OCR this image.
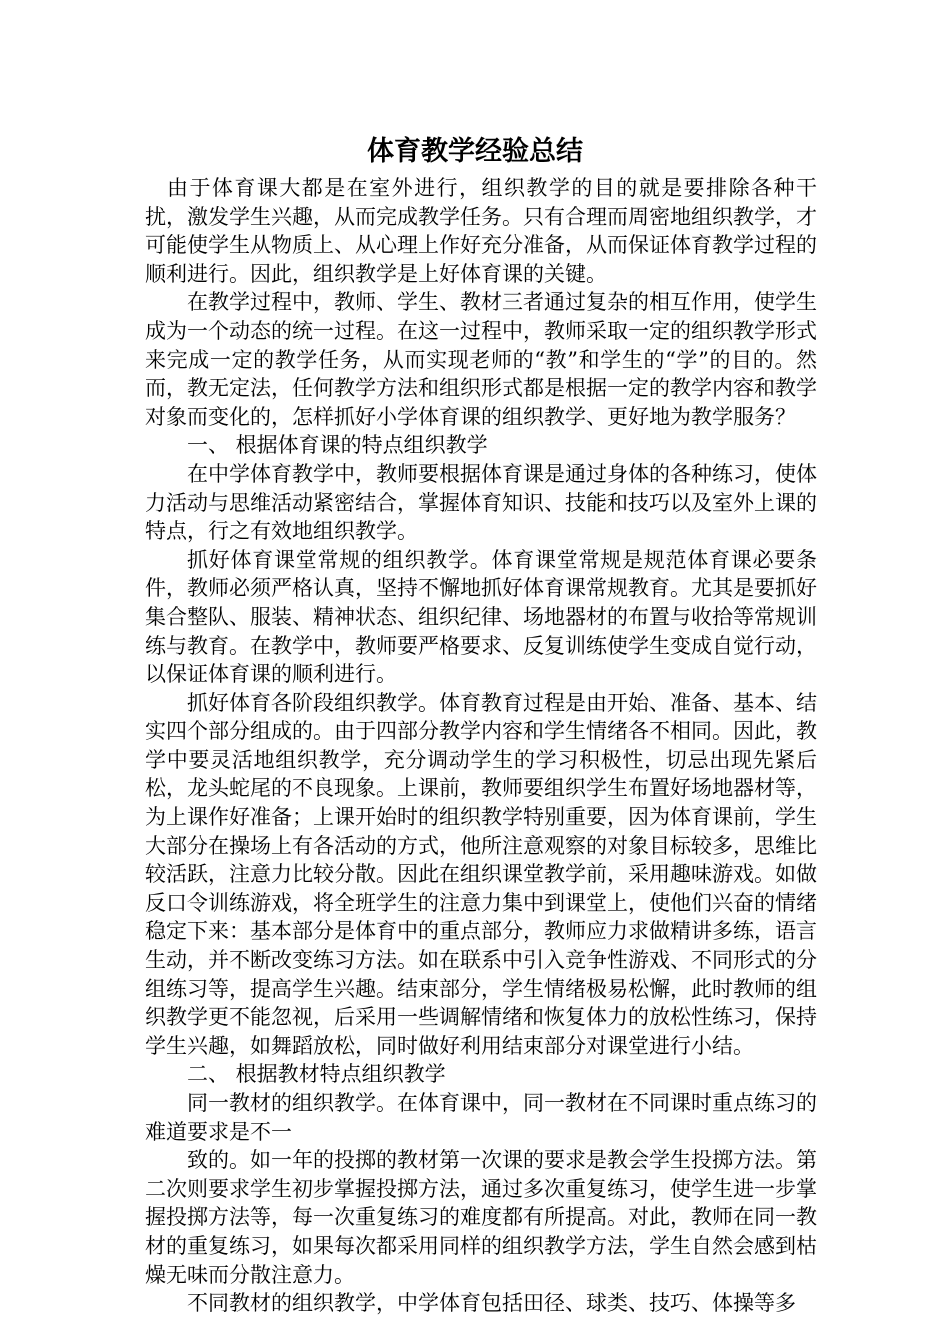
体育教学经验总结

由于体育课大都是在室外进行，组织教学的目的就是要排除各种干扰，激发学生兴趣，从而完成教学任务。只有合理而周密地组织教学，才可能使学生从物质上、从心理上作好充分准备，从而保证体育教学过程的顺利进行。因此，组织教学是上好体育课的关键。

在教学过程中，教师、学生、教材三者通过复杂的相互作用，使学生成为一个动态的统一过程。在这一过程中，教师采取一定的组织教学形式来完成一定的教学任务，从而实现老师的“教”和学生的“学”的目的。然而，教无定法，任何教学方法和组织形式都是根据一定的教学内容和教学对象而变化的，怎样抓好小学体育课的组织教学、更好地为教学服务？

一、 根据体育课的特点组织教学

在中学体育教学中，教师要根据体育课是通过身体的各种练习，使体力活动与思维活动紧密结合，掌握体育知识、技能和技巧以及室外上课的特点，行之有效地组织教学。

抓好体育课堂常规的组织教学。体育课堂常规是规范体育课必要条件，教师必须严格认真，坚持不懈地抓好体育课常规教育。尤其是要抓好集合整队、服装、精神状态、组织纪律、场地器材的布置与收拾等常规训练与教育。在教学中，教师要严格要求、反复训练使学生变成自觉行动，以保证体育课的顺利进行。

抓好体育各阶段组织教学。体育教育过程是由开始、准备、基本、结实四个部分组成的。由于四部分教学内容和学生情绪各不相同。因此，教学中要灵活地组织教学，充分调动学生的学习积极性，切忌出现先紧后松，龙头蛇尾的不良现象。上课前，教师要组织学生布置好场地器材等，为上课作好准备；上课开始时的组织教学特别重要，因为体育课前，学生大部分在操场上有各活动的方式，他所注意观察的对象目标较多，思维比较活跃，注意力比较分散。因此在组织课堂教学前，采用趣味游戏。如做反口令训练游戏，将全班学生的注意力集中到课堂上，使他们兴奋的情绪稳定下来：基本部分是体育中的重点部分，教师应力求做精讲多练，语言生动，并不断改变练习方法。如在联系中引入竞争性游戏、不同形式的分组练习等，提高学生兴趣。结束部分，学生情绪极易松懈，此时教师的组织教学更不能忽视，后采用一些调解情绪和恢复体力的放松性练习，保持学生兴趣，如舞蹈放松，同时做好利用结束部分对课堂进行小结。

二、 根据教材特点组织教学

同一教材的组织教学。在体育课中，同一教材在不同课时重点练习的难道要求是不一

致的。如一年的投掷的教材第一次课的要求是教会学生投掷方法。第二次则要求学生初步掌握投掷方法，通过多次重复练习，使学生进一步掌握投掷方法等，每一次重复练习的难度都有所提高。对此，教师在同一教材的重复练习，如果每次都采用同样的组织教学方法，学生自然会感到枯燥无味而分散注意力。

不同教材的组织教学，中学体育包括田径、球类、技巧、体操等多
